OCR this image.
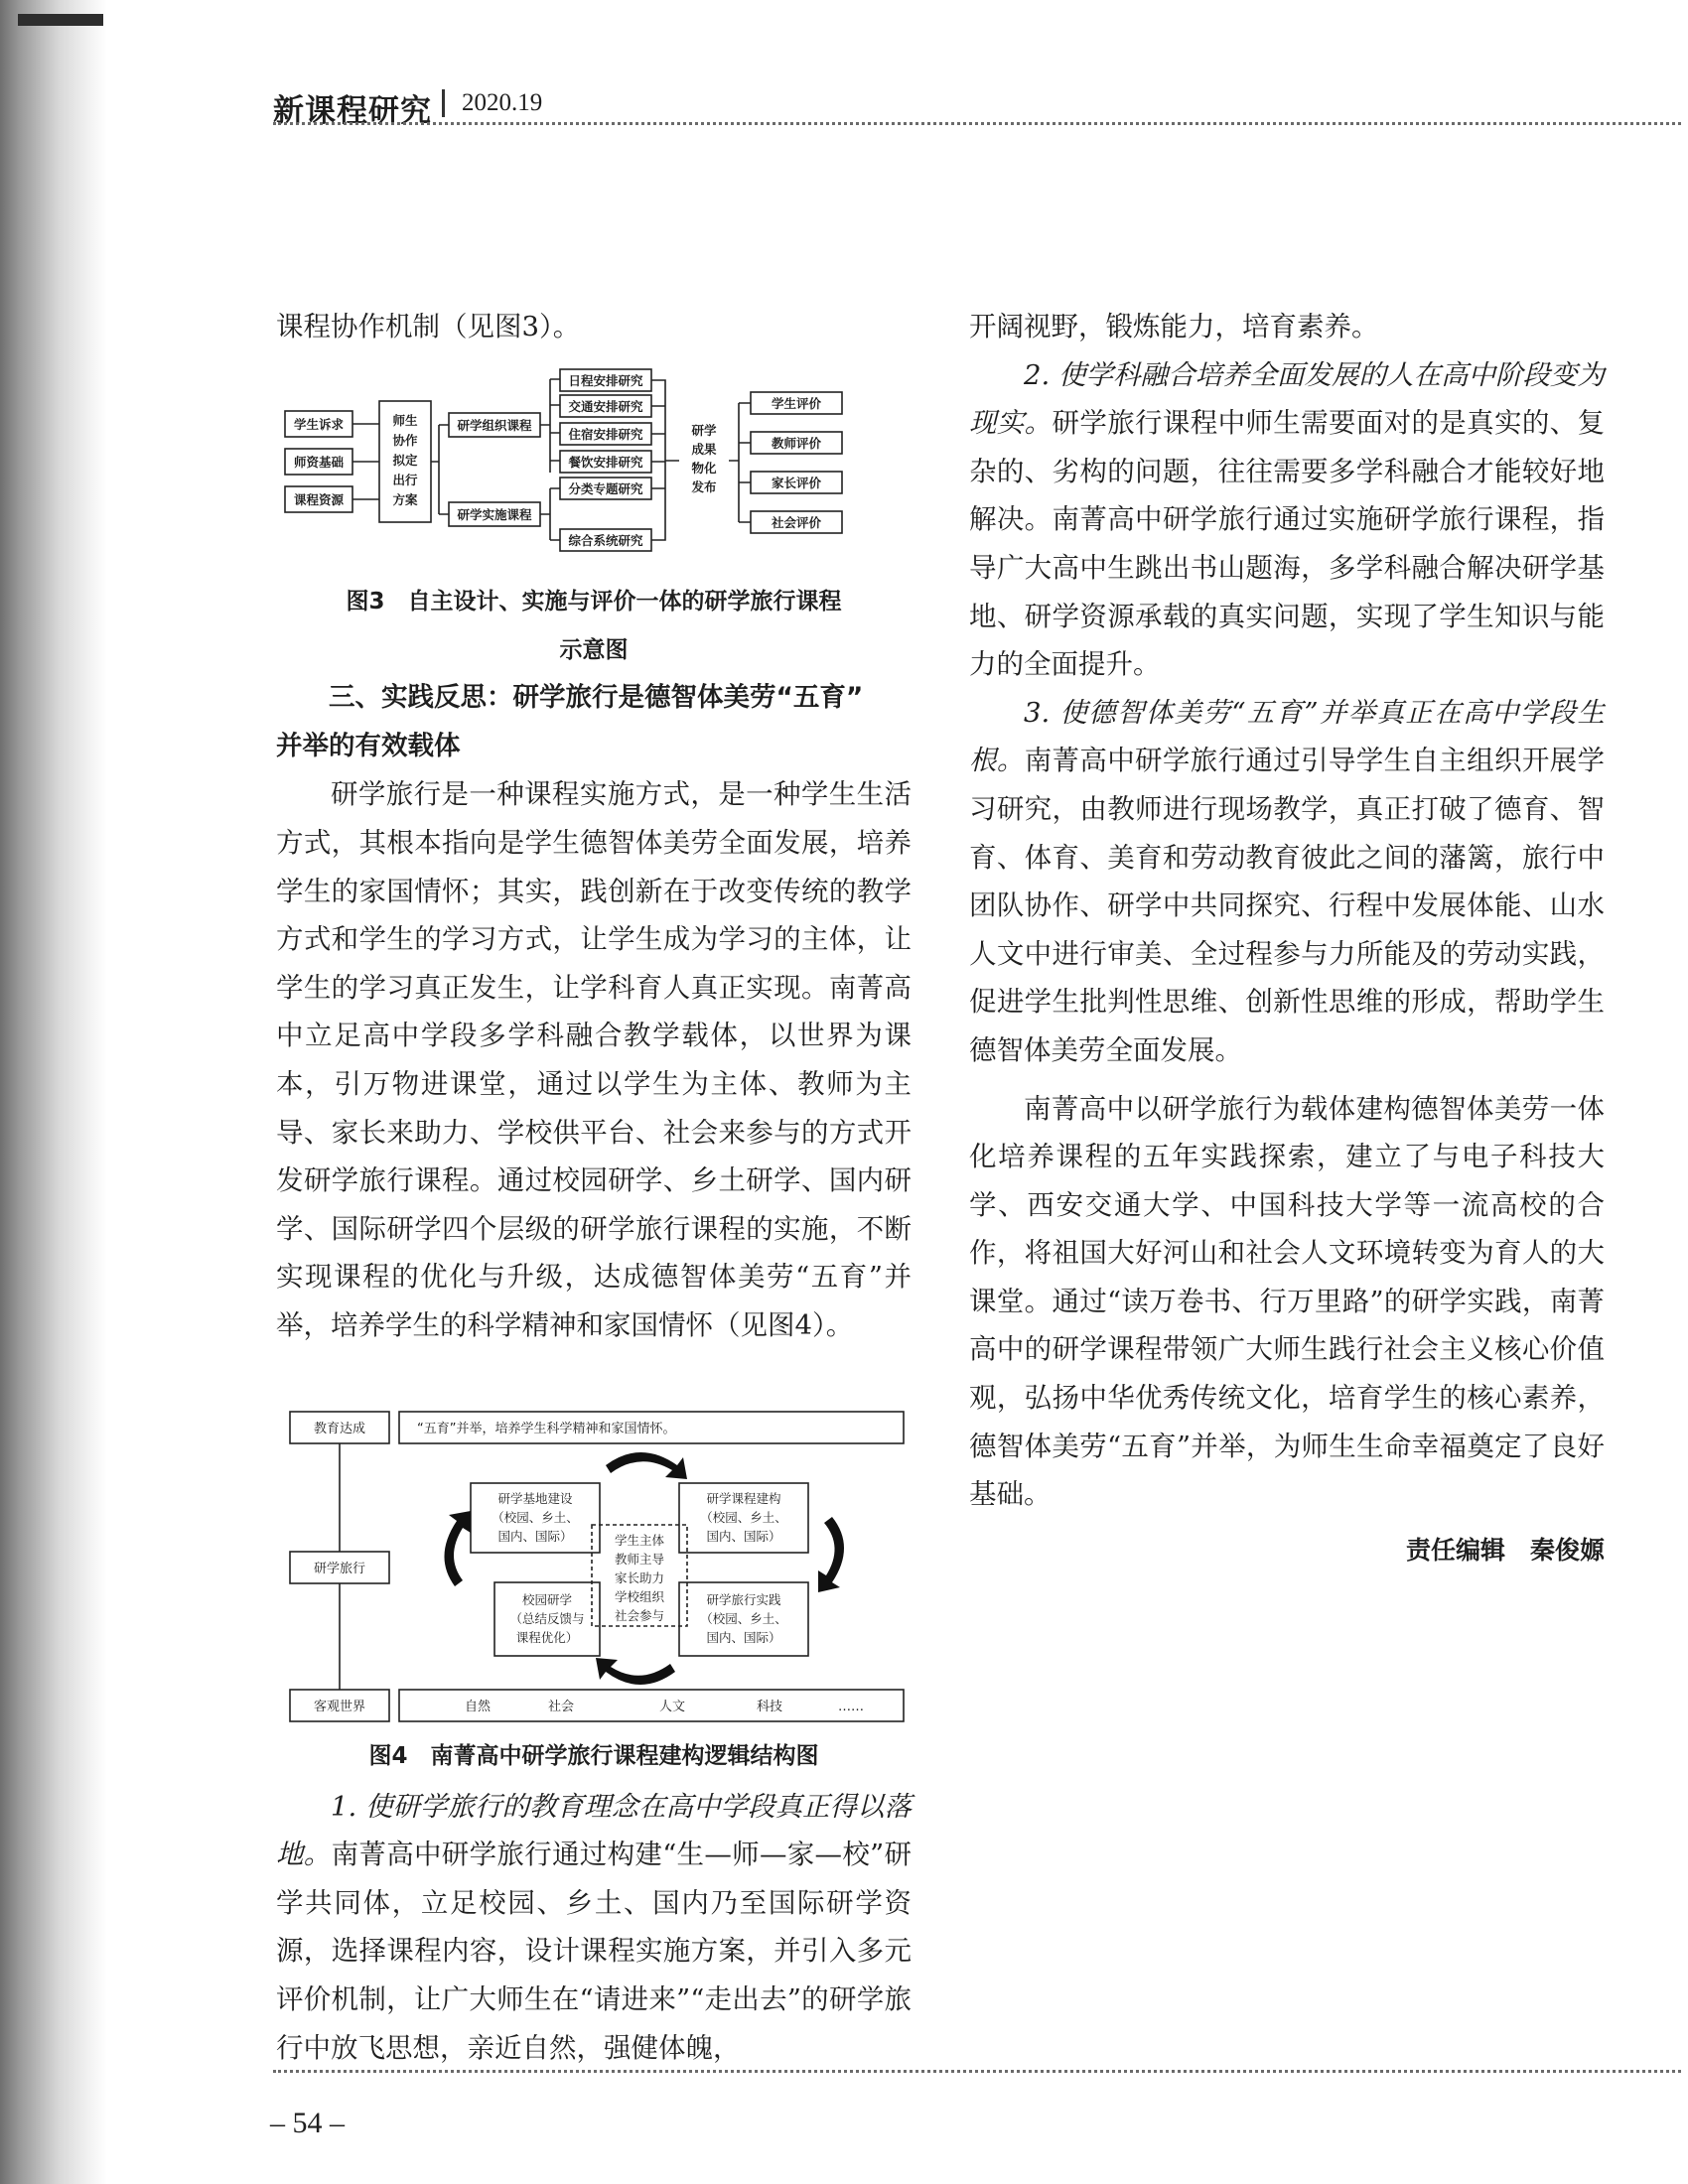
新课程研究 2020.19

课程协作机制（见图3）。

学生诉求
师资基础
课程资源
师生
协作
拟定
出行
方案
研学组织课程
研学实施课程
日程安排研究
交通安排研究
住宿安排研究
餐饮安排研究
分类专题研究
综合系统研究
研学
成果
物化
发布
学生评价
教师评价
家长评价
社会评价
图3　自主设计、实施与评价一体的研学旅行课程
示意图

三、实践反思：研学旅行是德智体美劳“五育”

并举的有效载体

研学旅行是一种课程实施方式，是一种学生生活方式，其根本指向是学生德智体美劳全面发展，培养学生的家国情怀；其实，践创新在于改变传统的教学方式和学生的学习方式，让学生成为学习的主体，让学生的学习真正发生，让学科育人真正实现。南菁高中立足高中学段多学科融合教学载体，以世界为课本，引万物进课堂，通过以学生为主体、教师为主导、家长来助力、学校供平台、社会来参与的方式开发研学旅行课程。通过校园研学、乡土研学、国内研学、国际研学四个层级的研学旅行课程的实施，不断实现课程的优化与升级，达成德智体美劳“五育”并举，培养学生的科学精神和家国情怀（见图4）。

教育达成	“五育”并举，培养学生科学精神和家国情怀。
研学旅行
客观世界	自然	社会	人文	科技	……
研学基地建设
（校园、乡土、
国内、国际）
研学课程建构
（校园、乡土、
国内、国际）
校园研学
（总结反馈与
课程优化）
研学旅行实践
（校园、乡土、
国内、国际）
学生主体
教师主导
家长助力
学校组织
社会参与
图4　南菁高中研学旅行课程建构逻辑结构图

1. 使研学旅行的教育理念在高中学段真正得以落地。南菁高中研学旅行通过构建“生—师—家—校”研学共同体，立足校园、乡土、国内乃至国际研学资源，选择课程内容，设计课程实施方案，并引入多元评价机制，让广大师生在“请进来”“走出去”的研学旅行中放飞思想，亲近自然，强健体魄，

开阔视野，锻炼能力，培育素养。

2. 使学科融合培养全面发展的人在高中阶段变为现实。研学旅行课程中师生需要面对的是真实的、复杂的、劣构的问题，往往需要多学科融合才能较好地解决。南菁高中研学旅行通过实施研学旅行课程，指导广大高中生跳出书山题海，多学科融合解决研学基地、研学资源承载的真实问题，实现了学生知识与能力的全面提升。

3. 使德智体美劳“五育”并举真正在高中学段生根。南菁高中研学旅行通过引导学生自主组织开展学习研究，由教师进行现场教学，真正打破了德育、智育、体育、美育和劳动教育彼此之间的藩篱，旅行中团队协作、研学中共同探究、行程中发展体能、山水人文中进行审美、全过程参与力所能及的劳动实践，促进学生批判性思维、创新性思维的形成，帮助学生德智体美劳全面发展。

南菁高中以研学旅行为载体建构德智体美劳一体化培养课程的五年实践探索，建立了与电子科技大学、西安交通大学、中国科技大学等一流高校的合作，将祖国大好河山和社会人文环境转变为育人的大课堂。通过“读万卷书、行万里路”的研学实践，南菁高中的研学课程带领广大师生践行社会主义核心价值观，弘扬中华优秀传统文化，培育学生的核心素养，德智体美劳“五育”并举，为师生生命幸福奠定了良好基础。

责任编辑　秦俊嫄
– 54 –
